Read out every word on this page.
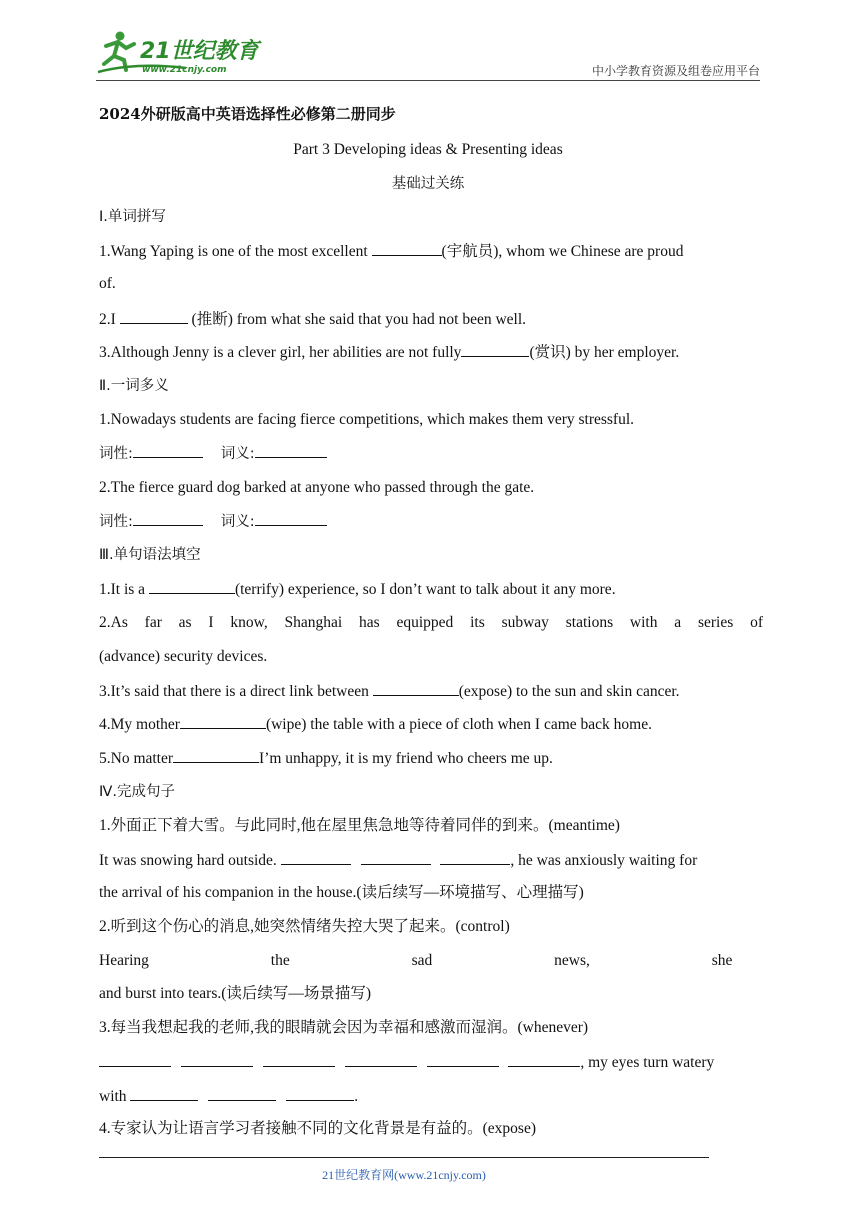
21世纪教育
www.21cnjy.com	中小学教育资源及组卷应用平台
2024外研版高中英语选择性必修第二册同步
Part 3 Developing ideas & Presenting ideas
基础过关练
Ⅰ.单词拼写
1.Wang Yaping is one of the most excellent	(宇航员), whom we Chinese are proud
of.
2.I	(推断) from what she said that you had not been well.
3.Although Jenny is a clever girl, her abilities are not fully	(赏识) by her employer.
Ⅱ.一词多义
1.Nowadays students are facing fierce competitions, which makes them very stressful.
词性:	词义:
2.The fierce guard dog barked at anyone who passed through the gate.
词性:	词义:
Ⅲ.单句语法填空
1.It is a	(terrify) experience, so I don’t want to talk about it any more.
2.As far as I know, Shanghai has equipped its subway stations with a series of
(advance) security devices.
3.It’s said that there is a direct link between	(expose) to the sun and skin cancer.
4.My mother	(wipe) the table with a piece of cloth when I came back home.
5.No matter	I’m unhappy, it is my friend who cheers me up.
Ⅳ.完成句子
1.外面正下着大雪。与此同时,他在屋里焦急地等待着同伴的到来。(meantime)
It was snowing hard outside.	, he was anxiously waiting for
the arrival of his companion in the house.(读后续写—环境描写、心理描写)
2.听到这个伤心的消息,她突然情绪失控大哭了起来。(control)
Hearing the sad news, she
and burst into tears.(读后续写—场景描写)
3.每当我想起我的老师,我的眼睛就会因为幸福和感激而湿润。(whenever)
, my eyes turn watery
with	.
4.专家认为让语言学习者接触不同的文化背景是有益的。(expose)
21世纪教育网(www.21cnjy.com)
